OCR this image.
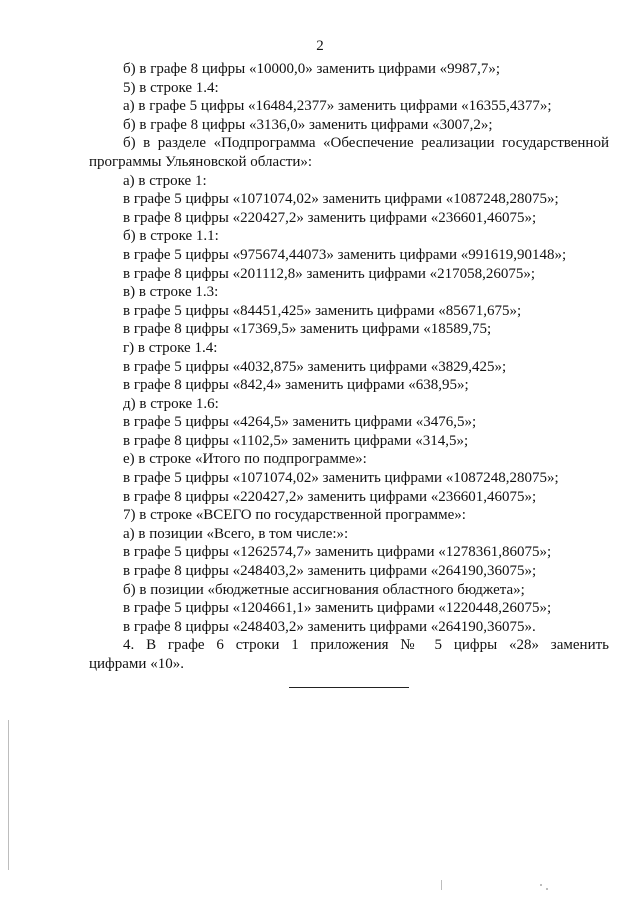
2
б) в графе 8 цифры «10000,0» заменить цифрами «9987,7»;
5) в строке 1.4:
а) в графе 5 цифры «16484,2377» заменить цифрами «16355,4377»;
б) в графе 8 цифры «3136,0» заменить цифрами «3007,2»;
б) в разделе «Подпрограмма «Обеспечение реализации государственной
программы Ульяновской области»:
а) в строке 1:
в графе 5 цифры «1071074,02» заменить цифрами «1087248,28075»;
в графе 8 цифры «220427,2» заменить цифрами «236601,46075»;
б) в строке 1.1:
в графе 5 цифры «975674,44073» заменить цифрами «991619,90148»;
в графе 8 цифры «201112,8» заменить цифрами «217058,26075»;
в) в строке 1.3:
в графе 5 цифры «84451,425» заменить цифрами «85671,675»;
в графе 8 цифры «17369,5» заменить цифрами «18589,75;
г) в строке 1.4:
в графе 5 цифры «4032,875» заменить цифрами «3829,425»;
в графе 8 цифры «842,4» заменить цифрами «638,95»;
д) в строке 1.6:
в графе 5 цифры «4264,5» заменить цифрами «3476,5»;
в графе 8 цифры «1102,5» заменить цифрами «314,5»;
е) в строке «Итого по подпрограмме»:
в графе 5 цифры «1071074,02» заменить цифрами «1087248,28075»;
в графе 8 цифры «220427,2» заменить цифрами «236601,46075»;
7) в строке «ВСЕГО по государственной программе»:
а) в позиции «Всего, в том числе:»:
в графе 5 цифры «1262574,7» заменить цифрами «1278361,86075»;
в графе 8 цифры «248403,2» заменить цифрами «264190,36075»;
б) в позиции «бюджетные ассигнования областного бюджета»;
в графе 5 цифры «1204661,1» заменить цифрами «1220448,26075»;
в графе 8 цифры «248403,2» заменить цифрами «264190,36075».
4. В графе 6 строки 1 приложения № 5 цифры «28» заменить
цифрами «10».
